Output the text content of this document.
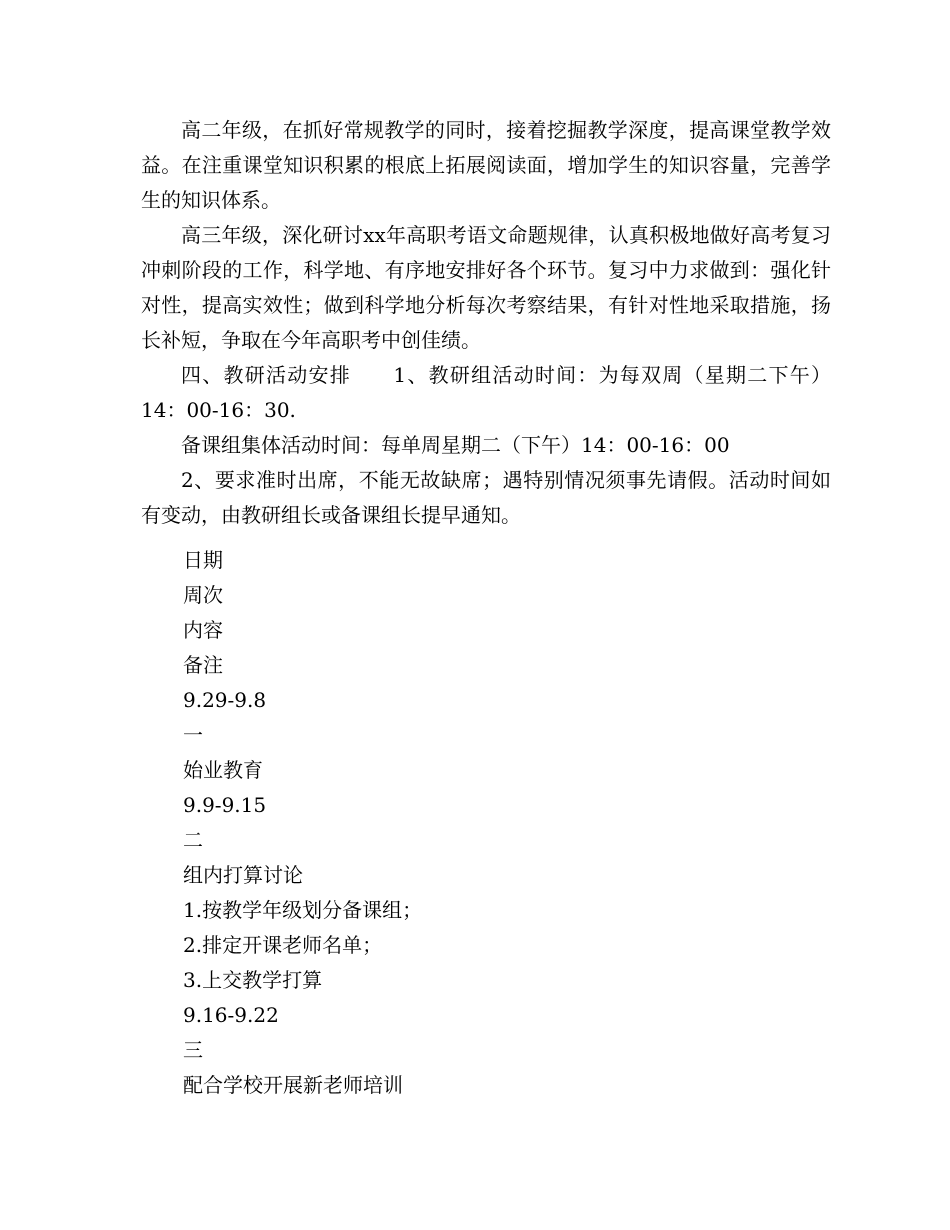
高二年级，在抓好常规教学的同时，接着挖掘教学深度，提高课堂教学效益。在注重课堂知识积累的根底上拓展阅读面，增加学生的知识容量，完善学生的知识体系。

高三年级，深化研讨xx年高职考语文命题规律，认真积极地做好高考复习冲刺阶段的工作，科学地、有序地安排好各个环节。复习中力求做到：强化针对性，提高实效性；做到科学地分析每次考察结果，有针对性地采取措施，扬长补短，争取在今年高职考中创佳绩。

四、教研活动安排　　1、教研组活动时间：为每双周（星期二下午）14：00-16：30.

备课组集体活动时间：每单周星期二（下午）14：00-16：00

2、要求准时出席，不能无故缺席；遇特别情况须事先请假。活动时间如有变动，由教研组长或备课组长提早通知。

日期

周次

内容

备注

9.29-9.8

一

始业教育

9.9-9.15

二

组内打算讨论

1.按教学年级划分备课组；

2.排定开课老师名单；

3.上交教学打算

9.16-9.22

三

配合学校开展新老师培训
